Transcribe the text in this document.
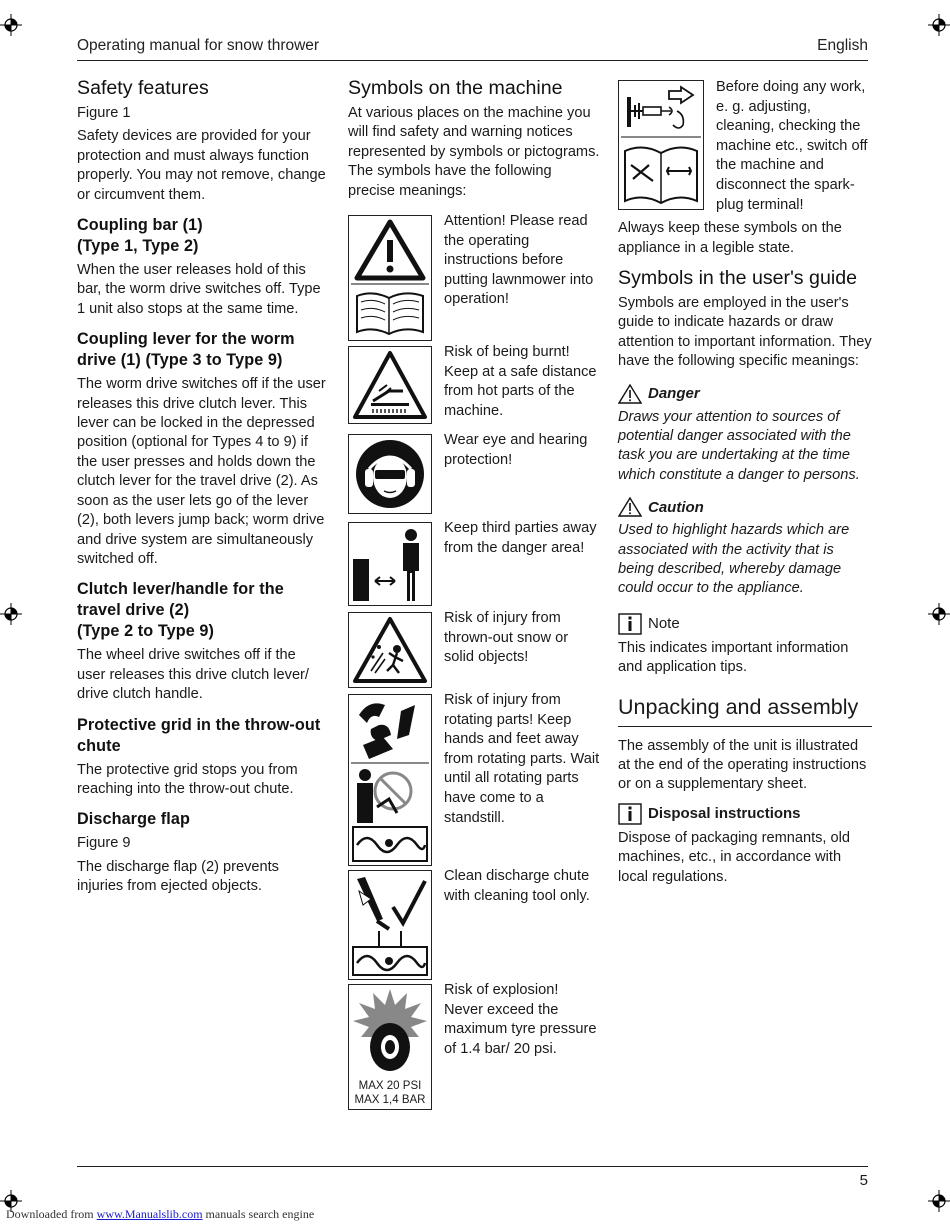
Operating manual for snow thrower	English
Safety features

Figure 1

Safety devices are provided for your protection and must always function properly. You may not remove, change or circumvent them.

Coupling bar (1)
(Type 1, Type 2)

When the user releases hold of this bar, the worm drive switches off. Type 1 unit also stops at the same time.

Coupling lever for the worm drive (1) (Type 3 to Type 9)

The worm drive switches off if the user releases this drive clutch lever. This lever can be locked in the depressed position (optional for Types 4 to 9) if the user presses and holds down the clutch lever for the travel drive (2). As soon as the user lets go of the lever (2), both levers jump back; worm drive and drive system are simultaneously switched off.

Clutch lever/handle for the travel drive (2)
(Type 2 to Type 9)

The wheel drive switches off if the user releases this drive clutch lever/ drive clutch handle.

Protective grid in the throw-out chute

The protective grid stops you from reaching into the throw-out chute.

Discharge flap

Figure 9

The discharge flap (2) prevents injuries from ejected objects.

Symbols on the machine

At various places on the machine you will find safety and warning notices represented by symbols or pictograms. The symbols have the following precise meanings:

Attention! Please read the operating instructions before putting lawnmower into operation!
Risk of being burnt! Keep at a safe distance from hot parts of the machine.
Wear eye and hearing protection!
Keep third parties away from the danger area!
Risk of injury from thrown-out snow or solid objects!
Risk of injury from rotating parts! Keep hands and feet away from rotating parts. Wait until all rotating parts have come to a standstill.
Clean discharge chute with cleaning tool only.
MAX 20 PSI
MAX 1,4 BAR
Risk of explosion! Never exceed the maximum tyre pressure of 1.4 bar/ 20 psi.
Before doing any work, e. g. adjusting, cleaning, checking the machine etc., switch off the machine and disconnect the spark-plug terminal!

Always keep these symbols on the appliance in a legible state.

Symbols in the user's guide

Symbols are employed in the user's guide to indicate hazards or draw attention to important information. They have the following specific meanings:

Danger

Draws your attention to sources of potential danger associated with the task you are undertaking at the time which constitute a danger to persons.

Caution

Used to highlight hazards which are associated with the activity that is being described, whereby damage could occur to the appliance.

Note

This indicates important information and application tips.

Unpacking and assembly

The assembly of the unit is illustrated at the end of the operating instructions or on a supplementary sheet.

Disposal instructions

Dispose of packaging remnants, old machines, etc., in accordance with local regulations.

5
Downloaded from www.Manualslib.com manuals search engine
